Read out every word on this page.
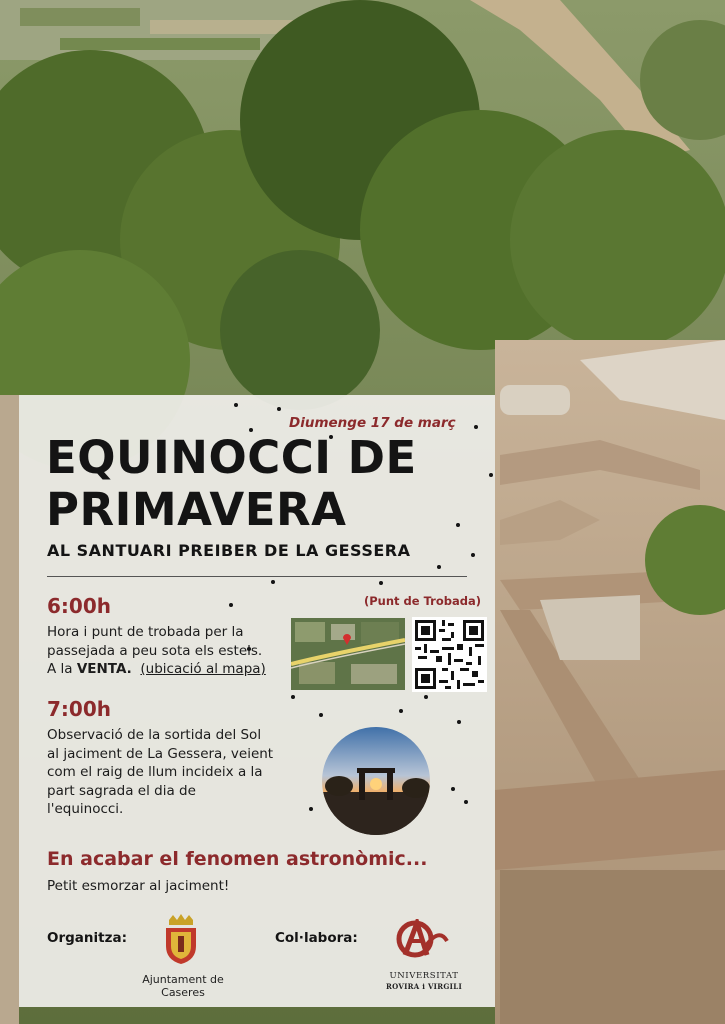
Diumenge 17 de març
EQUINOCCI DE
PRIMAVERA
AL SANTUARI PREIBER DE LA GESSERA
6:00h	(Punt de Trobada)
Hora i punt de trobada per la
passejada a peu sota els estels.
A la VENTA. (ubicació al mapa)
7:00h
Observació de la sortida del Sol
al jaciment de La Gessera, veient
com el raig de llum incideix a la
part sagrada el dia de
l'equinocci.
En acabar el fenomen astronòmic...
Petit esmorzar al jaciment!
Organitza:
Ajuntament de
Caseres
Col·labora:
UNIVERSITAT
ROVIRA i VIRGILI
